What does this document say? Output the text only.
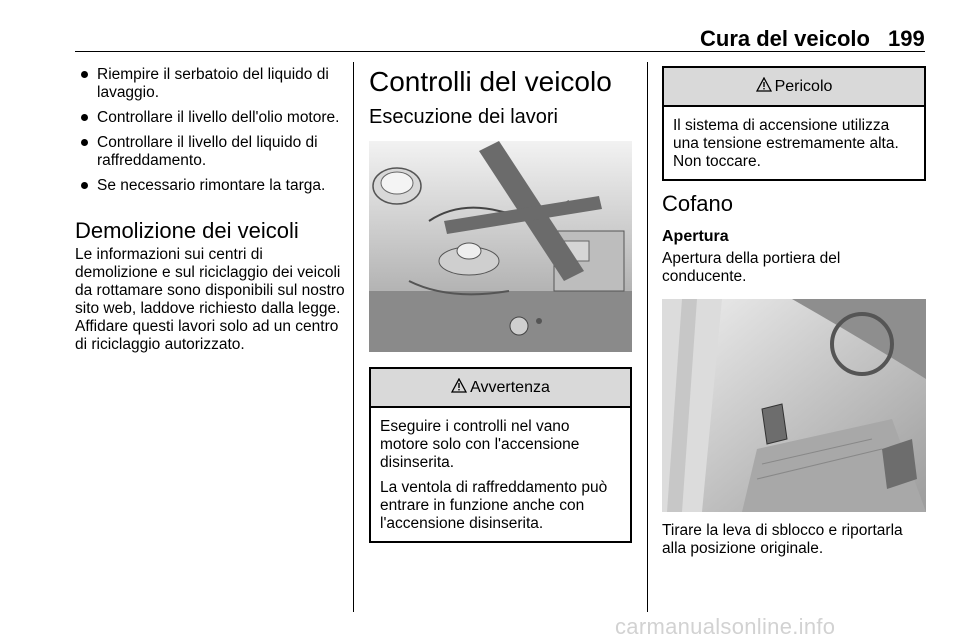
Cura del veicolo 199
Riempire il serbatoio del liquido di lavaggio.
Controllare il livello dell'olio motore.
Controllare il livello del liquido di raffreddamento.
Se necessario rimontare la targa.
Demolizione dei veicoli

Le informazioni sui centri di demolizione e sul riciclaggio dei veicoli da rottamare sono disponibili sul nostro sito web, laddove richiesto dalla legge. Affidare questi lavori solo ad un centro di riciclaggio autorizzato.

Controlli del veicolo
Esecuzione dei lavori
Avvertenza

Eseguire i controlli nel vano motore solo con l'accensione disinserita.

La ventola di raffreddamento può entrare in funzione anche con l'accensione disinserita.

Pericolo

Il sistema di accensione utilizza una tensione estremamente alta. Non toccare.

Cofano
Apertura

Apertura della portiera del conducente.

Tirare la leva di sblocco e riportarla alla posizione originale.

carmanualsonline.info
